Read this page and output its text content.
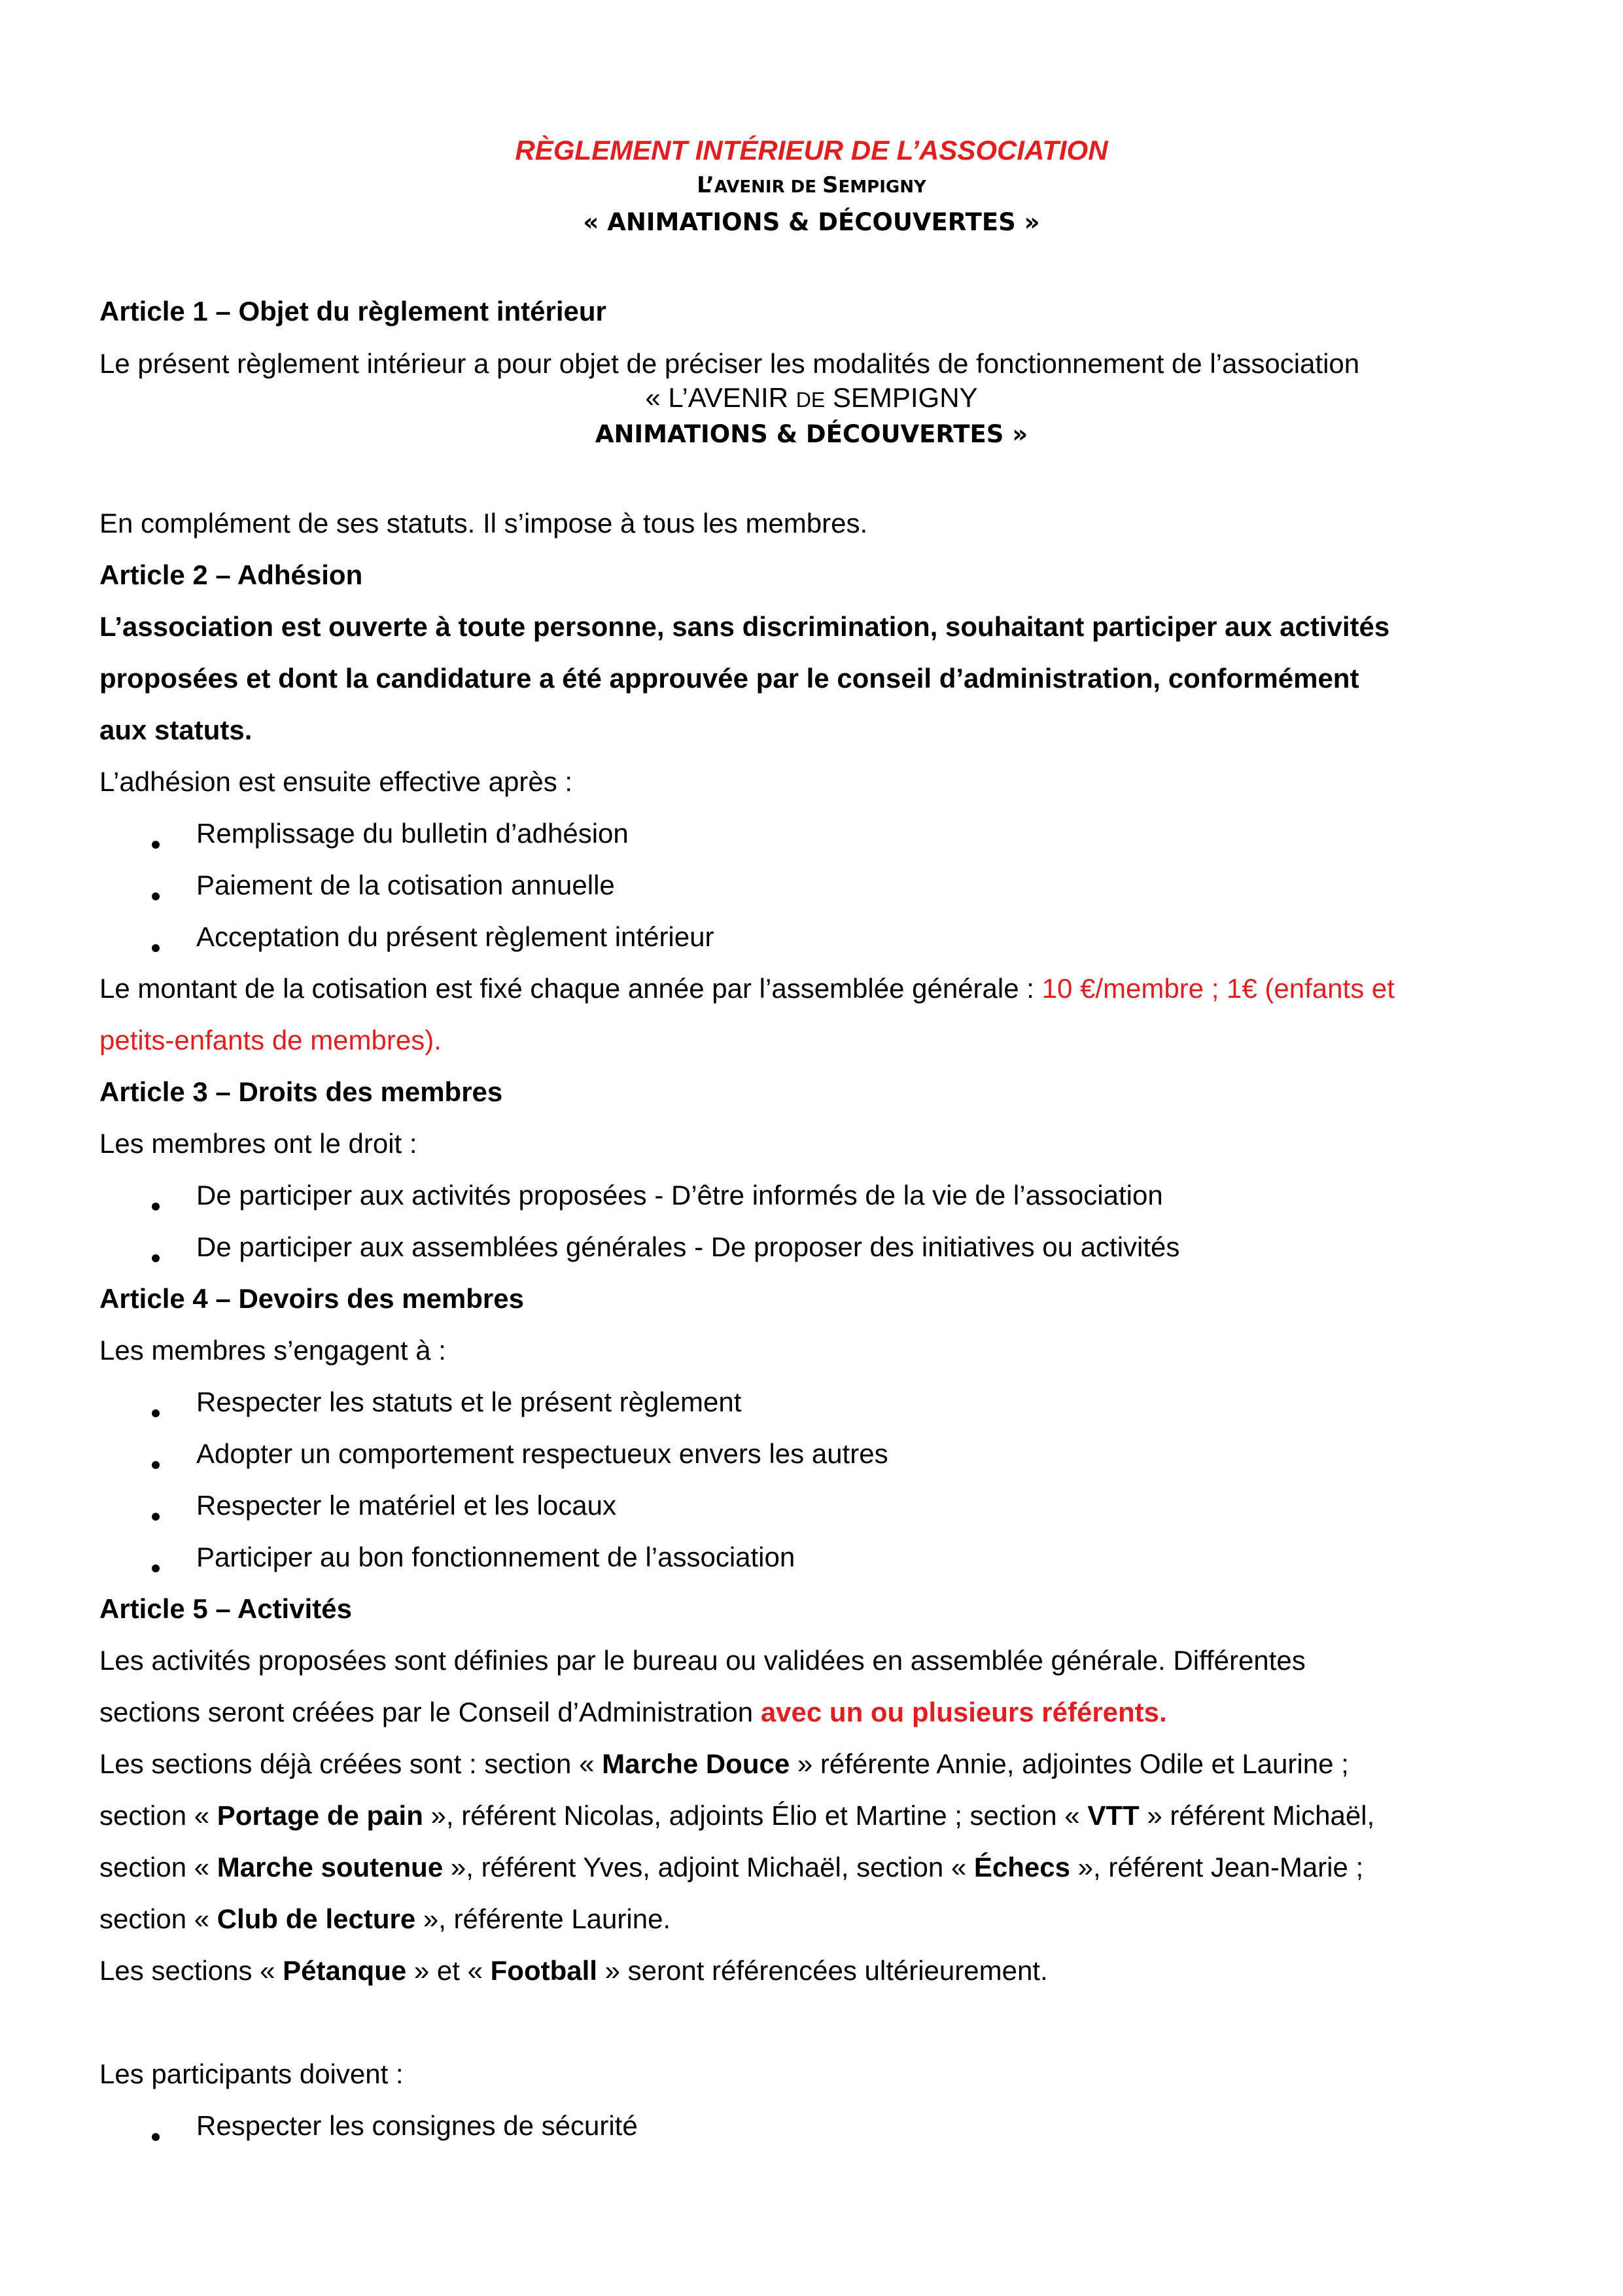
RÈGLEMENT INTÉRIEUR DE L’ASSOCIATION
L’AVENIR DE SEMPIGNY
« ANIMATIONS & DÉCOUVERTES »
Article 1 – Objet du règlement intérieur
Le présent règlement intérieur a pour objet de préciser les modalités de fonctionnement de l’association
« L’AVENIR DE SEMPIGNY
ANIMATIONS & DÉCOUVERTES »
En complément de ses statuts. Il s’impose à tous les membres.
Article 2 – Adhésion
L’association est ouverte à toute personne, sans discrimination, souhaitant participer aux activités
proposées et dont la candidature a été approuvée par le conseil d’administration, conformément
aux statuts.
L’adhésion est ensuite effective après :
Remplissage du bulletin d’adhésion
Paiement de la cotisation annuelle
Acceptation du présent règlement intérieur
Le montant de la cotisation est fixé chaque année par l’assemblée générale : 10 €/membre ; 1€ (enfants et
petits-enfants de membres).
Article 3 – Droits des membres
Les membres ont le droit :
De participer aux activités proposées - D’être informés de la vie de l’association
De participer aux assemblées générales - De proposer des initiatives ou activités
Article 4 – Devoirs des membres
Les membres s’engagent à :
Respecter les statuts et le présent règlement
Adopter un comportement respectueux envers les autres
Respecter le matériel et les locaux
Participer au bon fonctionnement de l’association
Article 5 – Activités
Les activités proposées sont définies par le bureau ou validées en assemblée générale. Différentes
sections seront créées par le Conseil d’Administration avec un ou plusieurs référents.
Les sections déjà créées sont : section « Marche Douce » référente Annie, adjointes Odile et Laurine ;
section « Portage de pain », référent Nicolas, adjoints Élio et Martine ; section « VTT » référent Michaël,
section « Marche soutenue », référent Yves, adjoint Michaël, section « Échecs », référent Jean-Marie ;
section « Club de lecture », référente Laurine.
Les sections « Pétanque » et « Football » seront référencées ultérieurement.
Les participants doivent :
Respecter les consignes de sécurité
